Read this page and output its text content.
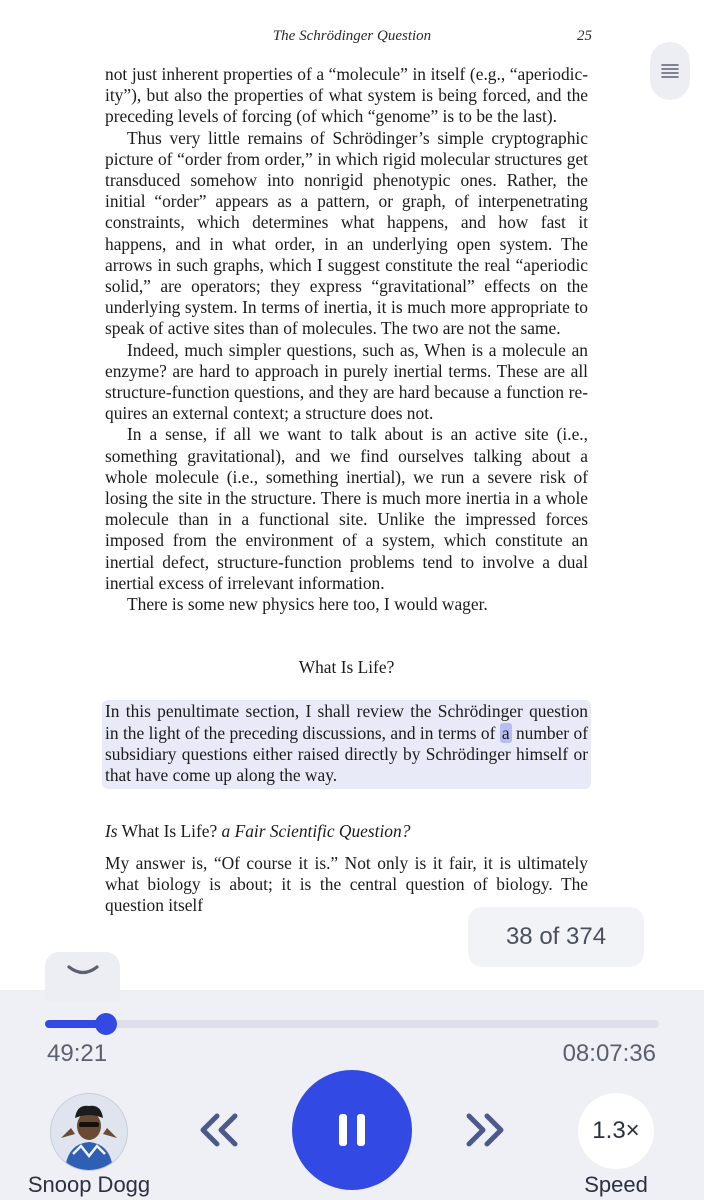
The Schrödinger Question	25

not just inherent properties of a “molecule” in itself (e.g., “aperiodicity”), but also the properties of what system is being forced, and the preceding levels of forcing (of which “genome” is to be the last).

Thus very little remains of Schrödinger’s simple cryptographic picture of “order from order,” in which rigid molecular structures get transduced somehow into nonrigid phenotypic ones. Rather, the initial “order” appears as a pattern, or graph, of interpenetrating constraints, which determines what happens, and how fast it happens, and in what order, in an underlying open system. The arrows in such graphs, which I suggest constitute the real “aperiodic solid,” are operators; they express “gravitational” effects on the underlying system. In terms of inertia, it is much more appropriate to speak of active sites than of molecules. The two are not the same.

Indeed, much simpler questions, such as, When is a molecule an enzyme? are hard to approach in purely inertial terms. These are all structure-function questions, and they are hard because a function requires an external context; a structure does not.

In a sense, if all we want to talk about is an active site (i.e., something gravitational), and we find ourselves talking about a whole molecule (i.e., something inertial), we run a severe risk of losing the site in the structure. There is much more inertia in a whole molecule than in a functional site. Unlike the impressed forces imposed from the environment of a system, which constitute an inertial defect, structure-function problems tend to involve a dual inertial excess of irrelevant information.

There is some new physics here too, I would wager.

What Is Life?

In this penultimate section, I shall review the Schrödinger question in the light of the preceding discussions, and in terms of a number of subsidiary questions either raised directly by Schrödinger himself or that have come up along the way.

Is What Is Life? a Fair Scientific Question?

My answer is, “Of course it is.” Not only is it fair, it is ultimately what biology is about; it is the central question of biology. The question itself

38 of 374
49:21	08:07:36
Snoop Dogg
1.3×
Speed
